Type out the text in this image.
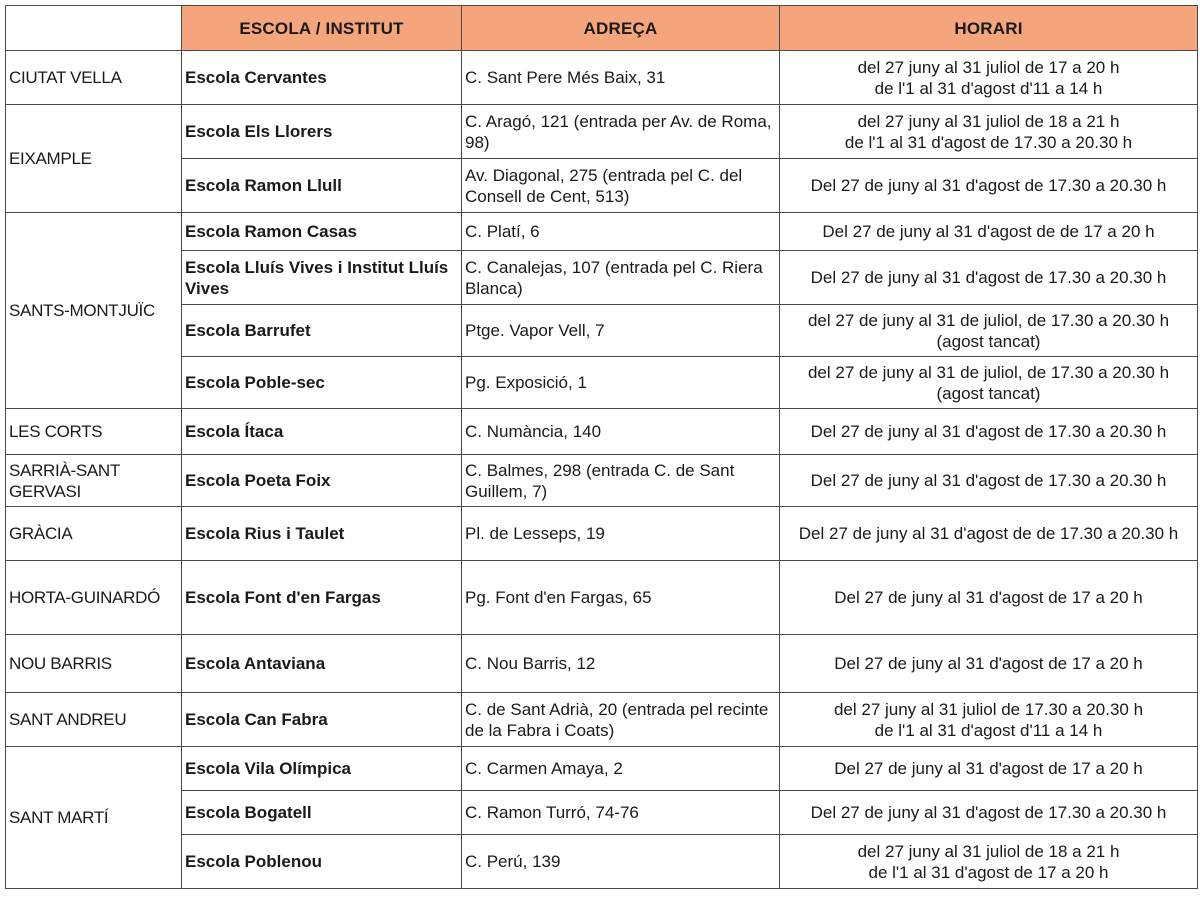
	ESCOLA / INSTITUT	ADREÇA	HORARI
CIUTAT VELLA	Escola Cervantes	C. Sant Pere Més Baix, 31	del 27 juny al 31 juliol de 17 a 20 h
de l'1 al 31 d'agost d'11 a 14 h

EIXAMPLE	Escola Els Llorers	C. Aragó, 121 (entrada per Av. de Roma, 98)	del 27 juny al 31 juliol de 18 a 21 h
de l'1 al 31 d'agost de 17.30 a 20.30 h

	Escola Ramon Llull	Av. Diagonal, 275 (entrada pel C. del Consell de Cent, 513)	Del 27 de juny al 31 d'agost de 17.30 a 20.30 h

SANTS-MONTJUÏC	Escola Ramon Casas	C. Platí, 6	Del 27 de juny al 31 d'agost de de 17 a 20 h

	Escola Lluís Vives i Institut Lluís Vives	C. Canalejas, 107 (entrada pel C. Riera Blanca)	Del 27 de juny al 31 d'agost de 17.30 a 20.30 h

	Escola Barrufet	Ptge. Vapor Vell, 7	del 27 de juny al 31 de juliol, de 17.30 a 20.30 h
(agost tancat)

	Escola Poble-sec	Pg. Exposició, 1	del 27 de juny al 31 de juliol, de 17.30 a 20.30 h
(agost tancat)

LES CORTS	Escola Ítaca	C. Numància, 140	Del 27 de juny al 31 d'agost de 17.30 a 20.30 h

SARRIÀ-SANT GERVASI	Escola Poeta Foix	C. Balmes, 298 (entrada C. de Sant Guillem, 7)	Del 27 de juny al 31 d'agost de 17.30 a 20.30 h

GRÀCIA	Escola Rius i Taulet	Pl. de Lesseps, 19	Del 27 de juny al 31 d'agost de de 17.30 a 20.30 h

HORTA-GUINARDÓ	Escola Font d'en Fargas	Pg. Font d'en Fargas, 65	Del 27 de juny al 31 d'agost de 17 a 20 h

NOU BARRIS	Escola Antaviana	C. Nou Barris, 12	Del 27 de juny al 31 d'agost de 17 a 20 h

SANT ANDREU	Escola Can Fabra	C. de Sant Adrià, 20 (entrada pel recinte de la Fabra i Coats)	del 27 juny al 31 juliol de 17.30 a 20.30 h
de l'1 al 31 d'agost d'11 a 14 h

SANT MARTÍ	Escola Vila Olímpica	C. Carmen Amaya, 2	Del 27 de juny al 31 d'agost de 17 a 20 h

	Escola Bogatell	C. Ramon Turró, 74-76	Del 27 de juny al 31 d'agost de 17.30 a 20.30 h

	Escola Poblenou	C. Perú, 139	del 27 juny al 31 juliol de 18 a 21 h
de l'1 al 31 d'agost de 17 a 20 h
